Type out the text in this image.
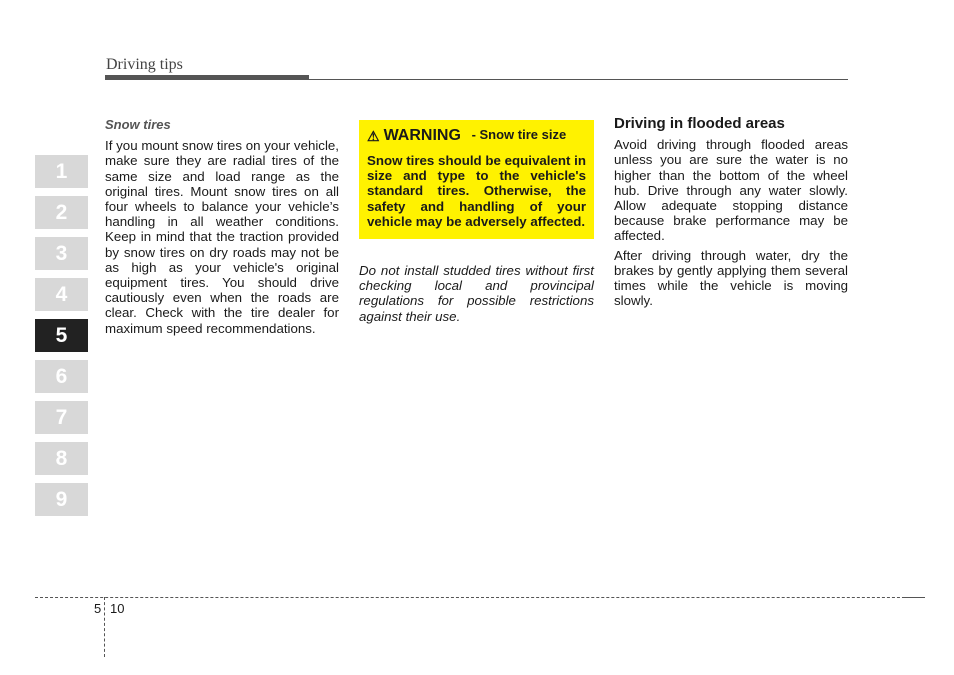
Driving tips
1
2
3
4
5
6
7
8
9

Snow tires

If you mount snow tires on your vehicle, make sure they are radial tires of the same size and load range as the original tires. Mount snow tires on all four wheels to balance your vehicle’s handling in all weather conditions. Keep in mind that the traction provided by snow tires on dry roads may not be as high as your vehicle's original equipment tires. You should drive cautiously even when the roads are clear. Check with the tire dealer for maximum speed recommendations.

⚠ WARNING - Snow tire size

Snow tires should be equivalent in size and type to the vehicle's standard tires. Otherwise, the safety and handling of your vehicle may be adversely affected.

Do not install studded tires without first checking local and provincipal regulations for possible restrictions against their use.

Driving in flooded areas

Avoid driving through flooded areas unless you are sure the water is no higher than the bottom of the wheel hub. Drive through any water slowly. Allow adequate stopping distance because brake performance may be affected.

After driving through water, dry the brakes by gently applying them several times while the vehicle is moving slowly.

5 10
